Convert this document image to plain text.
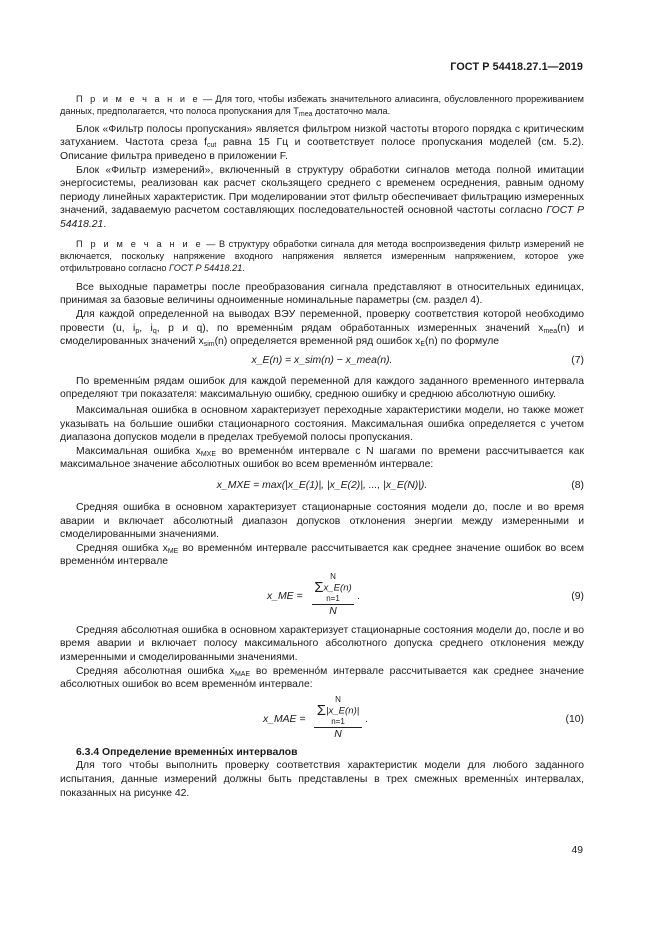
ГОСТ Р 54418.27.1—2019

П р и м е ч а н и е — Для того, чтобы избежать значительного алиасинга, обусловленного прореживанием данных, предполагается, что полоса пропускания для $T_{mea}$ достаточно мала.

Блок «Фильтр полосы пропускания» является фильтром низкой частоты второго порядка с критическим затуханием. Частота среза $f_{cut}$ равна 15 Гц и соответствует полосе пропускания моделей (см. 5.2). Описание фильтра приведено в приложении F.

Блок «Фильтр измерений», включенный в структуру обработки сигналов метода полной имитации энергосистемы, реализован как расчет скользящего среднего с временем осреднения, равным одному периоду линейных характеристик. При моделировании этот фильтр обеспечивает фильтрацию измеренных значений, задаваемую расчетом составляющих последовательностей основной частоты согласно ГОСТ Р 54418.21.

П р и м е ч а н и е — В структуру обработки сигнала для метода воспроизведения фильтр измерений не включается, поскольку напряжение входного напряжения является измеренным напряжением, которое уже отфильтровано согласно ГОСТ Р 54418.21.

Все выходные параметры после преобразования сигнала представляют в относительных единицах, принимая за базовые величины одноименные номинальные параметры (см. раздел 4).

Для каждой определенной на выводах ВЭУ переменной, проверку соответствия которой необходимо провести (u, $i_p$, $i_q$, p и q), по временны́м рядам обработанных измеренных значений $x_{mea}(n)$ и смоделированных значений $x_{sim}(n)$ определяется временной ряд ошибок $x_E(n)$ по формуле

x_E(n) = x_sim(n) − x_mea(n).	(7)

По временны́м рядам ошибок для каждой переменной для каждого заданного временного интервала определяют три показателя: максимальную ошибку, среднюю ошибку и среднюю абсолютную ошибку.

Максимальная ошибка в основном характеризует переходные характеристики модели, но также может указывать на большие ошибки стационарного состояния. Максимальная ошибка определяется с учетом диапазона допусков модели в пределах требуемой полосы пропускания.

Максимальная ошибка $x_{MXE}$ во временно́м интервале с N шагами по времени рассчитывается как максимальное значение абсолютных ошибок во всем временно́м интервале:

x_MXE = max(|x_E(1)|, |x_E(2)|, ..., |x_E(N)|).	(8)

Средняя ошибка в основном характеризует стационарные состояния модели до, после и во время аварии и включает абсолютный диапазон допусков отклонения энергии между измеренными и смоделированными значениями.

Средняя ошибка $x_{ME}$ во временно́м интервале рассчитывается как среднее значение ошибок во всем временно́м интервале

x_ME =
N
Σx_E(n)
n=1
N
.	(9)

Средняя абсолютная ошибка в основном характеризует стационарные состояния модели до, после и во время аварии и включает полосу максимального абсолютного допуска среднего отклонения между измеренными и смоделированными значениями.

Средняя абсолютная ошибка $x_{MAE}$ во временно́м интервале рассчитывается как среднее значение абсолютных ошибок во всем временно́м интервале:

x_MAE =
N
Σ|x_E(n)|
n=1
N
.	(10)
6.3.4 Определение временны́х интервалов

Для того чтобы выполнить проверку соответствия характеристик модели для любого заданного испытания, данные измерений должны быть представлены в трех смежных временны́х интервалах, показанных на рисунке 42.

49
